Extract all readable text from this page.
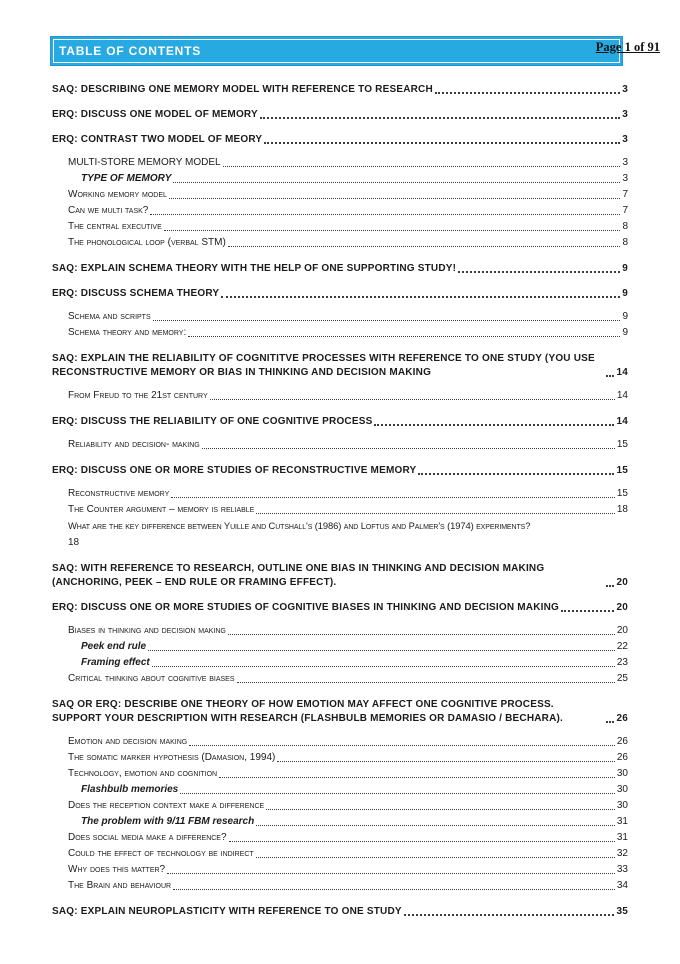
Page 1 of 91
TABLE OF CONTENTS
SAQ: DESCRIBING ONE MEMORY MODEL WITH REFERENCE TO RESEARCH	3
ERQ: DISCUSS ONE MODEL OF MEMORY	3
ERQ: CONTRAST TWO MODEL OF MEORY	3
MULTI-STORE MEMORY MODEL	3
TYPE OF MEMORY	3
Working memory model	7
Can we multi task?	7
The central executive	8
The phonological loop (verbal STM)	8
SAQ: EXPLAIN SCHEMA THEORY WITH THE HELP OF ONE SUPPORTING STUDY!	9
ERQ: DISCUSS SCHEMA THEORY	9
Schema and scripts	9
Schema theory and memory:	9
SAQ: EXPLAIN THE RELIABILITY OF COGNITITVE PROCESSES WITH REFERENCE TO ONE STUDY (YOU USE RECONSTRUCTIVE MEMORY OR BIAS IN THINKING AND DECISION MAKING	14
From Freud to the 21st century	14
ERQ: DISCUSS THE RELIABILITY OF ONE COGNITIVE PROCESS	14
Reliability and decision- making	15
ERQ: DISCUSS ONE OR MORE STUDIES OF RECONSTRUCTIVE MEMORY	15
Reconstructive memory	15
The Counter argument – memory is reliable	18
What are the key difference between Yuille and Cutshall's (1986) and Loftus and Palmer's (1974) experiments?
18
SAQ: WITH REFERENCE TO RESEARCH, OUTLINE ONE BIAS IN THINKING AND DECISION MAKING (ANCHORING, PEEK – END RULE OR FRAMING EFFECT).	20
ERQ: DISCUSS ONE OR MORE STUDIES OF COGNITIVE BIASES IN THINKING AND DECISION MAKING	20
Biases in thinking and decision making	20
Peek end rule	22
Framing effect	23
Critical thinking about cognitive biases	25
SAQ OR ERQ: DESCRIBE ONE THEORY OF HOW EMOTION MAY AFFECT ONE COGNITIVE PROCESS. SUPPORT YOUR DESCRIPTION WITH RESEARCH (FLASHBULB MEMORIES OR DAMASIO / BECHARA).	26
Emotion and decision making	26
The somatic marker hypothesis (Damasion, 1994)	26
Technology, emotion and cognition	30
Flashbulb memories	30
Does the reception context make a difference	30
The problem with 9/11 FBM research	31
Does social media make a difference?	31
Could the effect of technology be indirect	32
Why does this matter?	33
The Brain and behaviour	34
SAQ: EXPLAIN NEUROPLASTICITY WITH REFERENCE TO ONE STUDY	35
